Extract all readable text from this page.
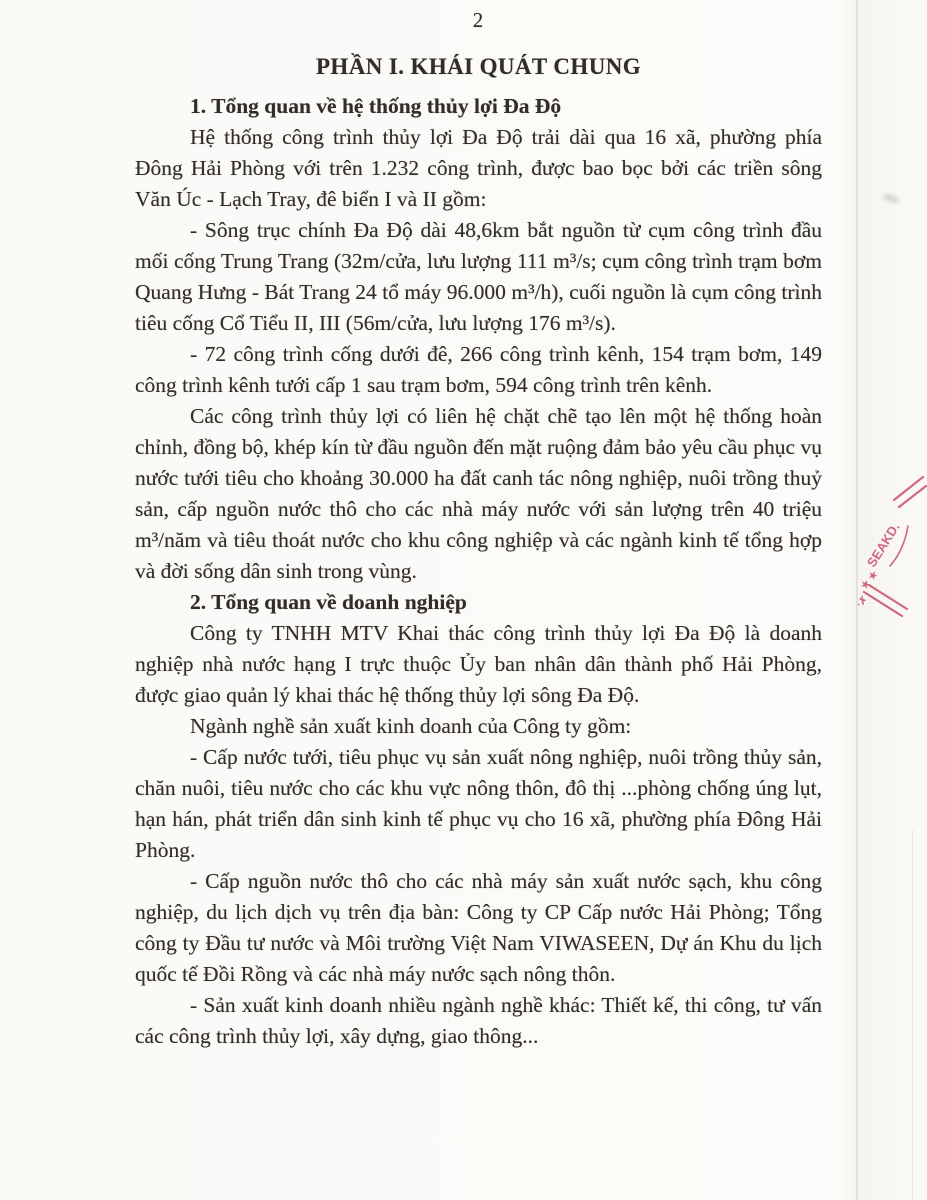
2
PHẦN I. KHÁI QUÁT CHUNG
1. Tổng quan về hệ thống thủy lợi Đa Độ

Hệ thống công trình thủy lợi Đa Độ trải dài qua 16 xã, phường phía Đông Hải Phòng với trên 1.232 công trình, được bao bọc bởi các triền sông Văn Úc - Lạch Tray, đê biển I và II gồm:

- Sông trục chính Đa Độ dài 48,6km bắt nguồn từ cụm công trình đầu mối cống Trung Trang (32m/cửa, lưu lượng 111 m³/s; cụm công trình trạm bơm Quang Hưng - Bát Trang 24 tổ máy 96.000 m³/h), cuối nguồn là cụm công trình tiêu cống Cổ Tiểu II, III (56m/cửa, lưu lượng 176 m³/s).

- 72 công trình cống dưới đê, 266 công trình kênh, 154 trạm bơm, 149 công trình kênh tưới cấp 1 sau trạm bơm, 594 công trình trên kênh.

Các công trình thủy lợi có liên hệ chặt chẽ tạo lên một hệ thống hoàn chỉnh, đồng bộ, khép kín từ đầu nguồn đến mặt ruộng đảm bảo yêu cầu phục vụ nước tưới tiêu cho khoảng 30.000 ha đất canh tác nông nghiệp, nuôi trồng thuỷ sản, cấp nguồn nước thô cho các nhà máy nước với sản lượng trên 40 triệu m³/năm và tiêu thoát nước cho khu công nghiệp và các ngành kinh tế tổng hợp và đời sống dân sinh trong vùng.

2. Tổng quan về doanh nghiệp

Công ty TNHH MTV Khai thác công trình thủy lợi Đa Độ là doanh nghiệp nhà nước hạng I trực thuộc Ủy ban nhân dân thành phố Hải Phòng, được giao quản lý khai thác hệ thống thủy lợi sông Đa Độ.

Ngành nghề sản xuất kinh doanh của Công ty gồm:

- Cấp nước tưới, tiêu phục vụ sản xuất nông nghiệp, nuôi trồng thủy sản, chăn nuôi, tiêu nước cho các khu vực nông thôn, đô thị ...phòng chống úng lụt, hạn hán, phát triển dân sinh kinh tế phục vụ cho 16 xã, phường phía Đông Hải Phòng.

- Cấp nguồn nước thô cho các nhà máy sản xuất nước sạch, khu công nghiệp, du lịch dịch vụ trên địa bàn: Công ty CP Cấp nước Hải Phòng; Tổng công ty Đầu tư nước và Môi trường Việt Nam VIWASEEN, Dự án Khu du lịch quốc tế Đồi Rồng và các nhà máy nước sạch nông thôn.

- Sản xuất kinh doanh nhiều ngành nghề khác: Thiết kế, thi công, tư vấn các công trình thủy lợi, xây dựng, giao thông...

SEAKD.
★ ★
·✗
